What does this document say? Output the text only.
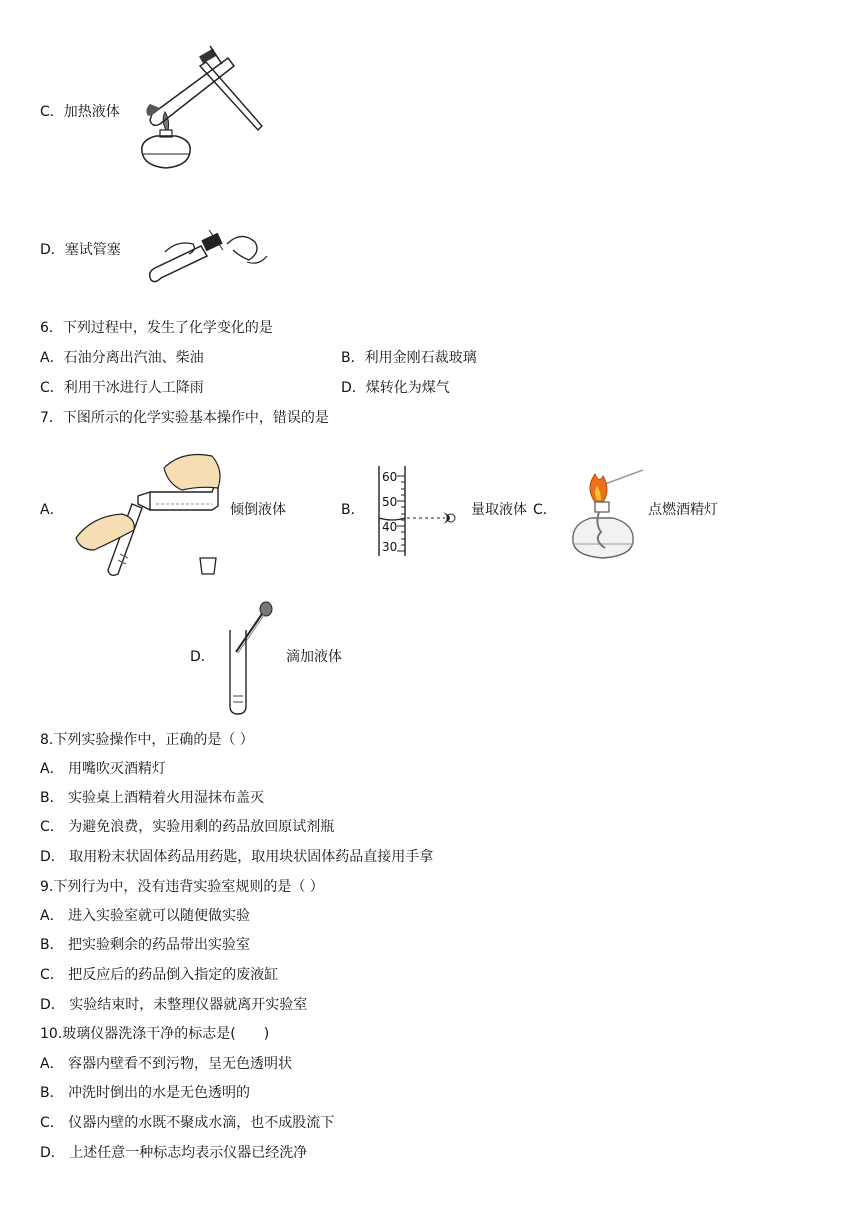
C．加热液体
D．塞试管塞
6．下列过程中，发生了化学变化的是
A．石油分离出汽油、柴油	B．利用金刚石裁玻璃
C．利用干冰进行人工降雨	D．煤转化为煤气
7．下图所示的化学实验基本操作中，错误的是
A．	倾倒液体	B．
60
50
40
30
量取液体 C．	点燃酒精灯
D．	滴加液体
8.下列实验操作中，正确的是（ ）
A． 用嘴吹灭酒精灯
B． 实验桌上酒精着火用湿抹布盖灭
C． 为避免浪费，实验用剩的药品放回原试剂瓶
D． 取用粉末状固体药品用药匙，取用块状固体药品直接用手拿
9.下列行为中，没有违背实验室规则的是（ ）
A． 进入实验室就可以随便做实验
B． 把实验剩余的药品带出实验室
C． 把反应后的药品倒入指定的废液缸
D． 实验结束时，未整理仪器就离开实验室
10.玻璃仪器洗涤干净的标志是(　　)
A． 容器内壁看不到污物，呈无色透明状
B． 冲洗时倒出的水是无色透明的
C． 仪器内壁的水既不聚成水滴，也不成股流下
D． 上述任意一种标志均表示仪器已经洗净
